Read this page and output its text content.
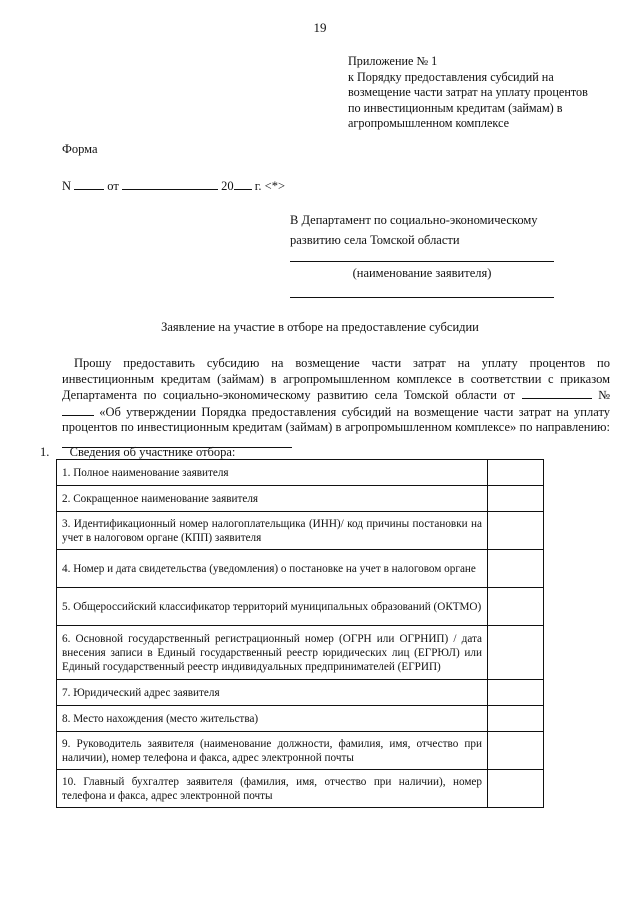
19
Приложение № 1
к Порядку предоставления субсидий на
возмещение части затрат на уплату процентов
по инвестиционным кредитам (займам) в
агропромышленном комплексе
Форма
N	от	20 г. <*>
В Департамент по социально-экономическому
развитию села Томской области
(наименование заявителя)
Заявление на участие в отборе на предоставление субсидии

Прошу предоставить субсидию на возмещение части затрат на уплату процентов по инвестиционным кредитам (займам) в агропромышленном комплексе в соответствии с приказом Департамента по социально-экономическому развитию села Томской области от	№  «Об утверждении Порядка предоставления субсидий на возмещение части затрат на уплату процентов по инвестиционным кредитам (займам) в агропромышленном комплексе» по направлению:

1. Сведения об участнике отбора:
1. Полное наименование заявителя	
2. Сокращенное наименование заявителя	
3. Идентификационный номер налогоплательщика (ИНН)/ код причины постановки на учет в налоговом органе (КПП) заявителя	
4. Номер и дата свидетельства (уведомления) о постановке на учет в налоговом органе	
5. Общероссийский классификатор территорий муниципальных образований (ОКТМО)	
6. Основной государственный регистрационный номер (ОГРН или ОГРНИП) / дата внесения записи в Единый государственный реестр юридических лиц (ЕГРЮЛ) или Единый государственный реестр индивидуальных предпринимателей (ЕГРИП)	
7. Юридический адрес заявителя	
8. Место нахождения (место жительства)	
9. Руководитель заявителя (наименование должности, фамилия, имя, отчество при наличии), номер телефона и факса, адрес электронной почты	
10. Главный бухгалтер заявителя (фамилия, имя, отчество при наличии), номер телефона и факса, адрес электронной почты	
